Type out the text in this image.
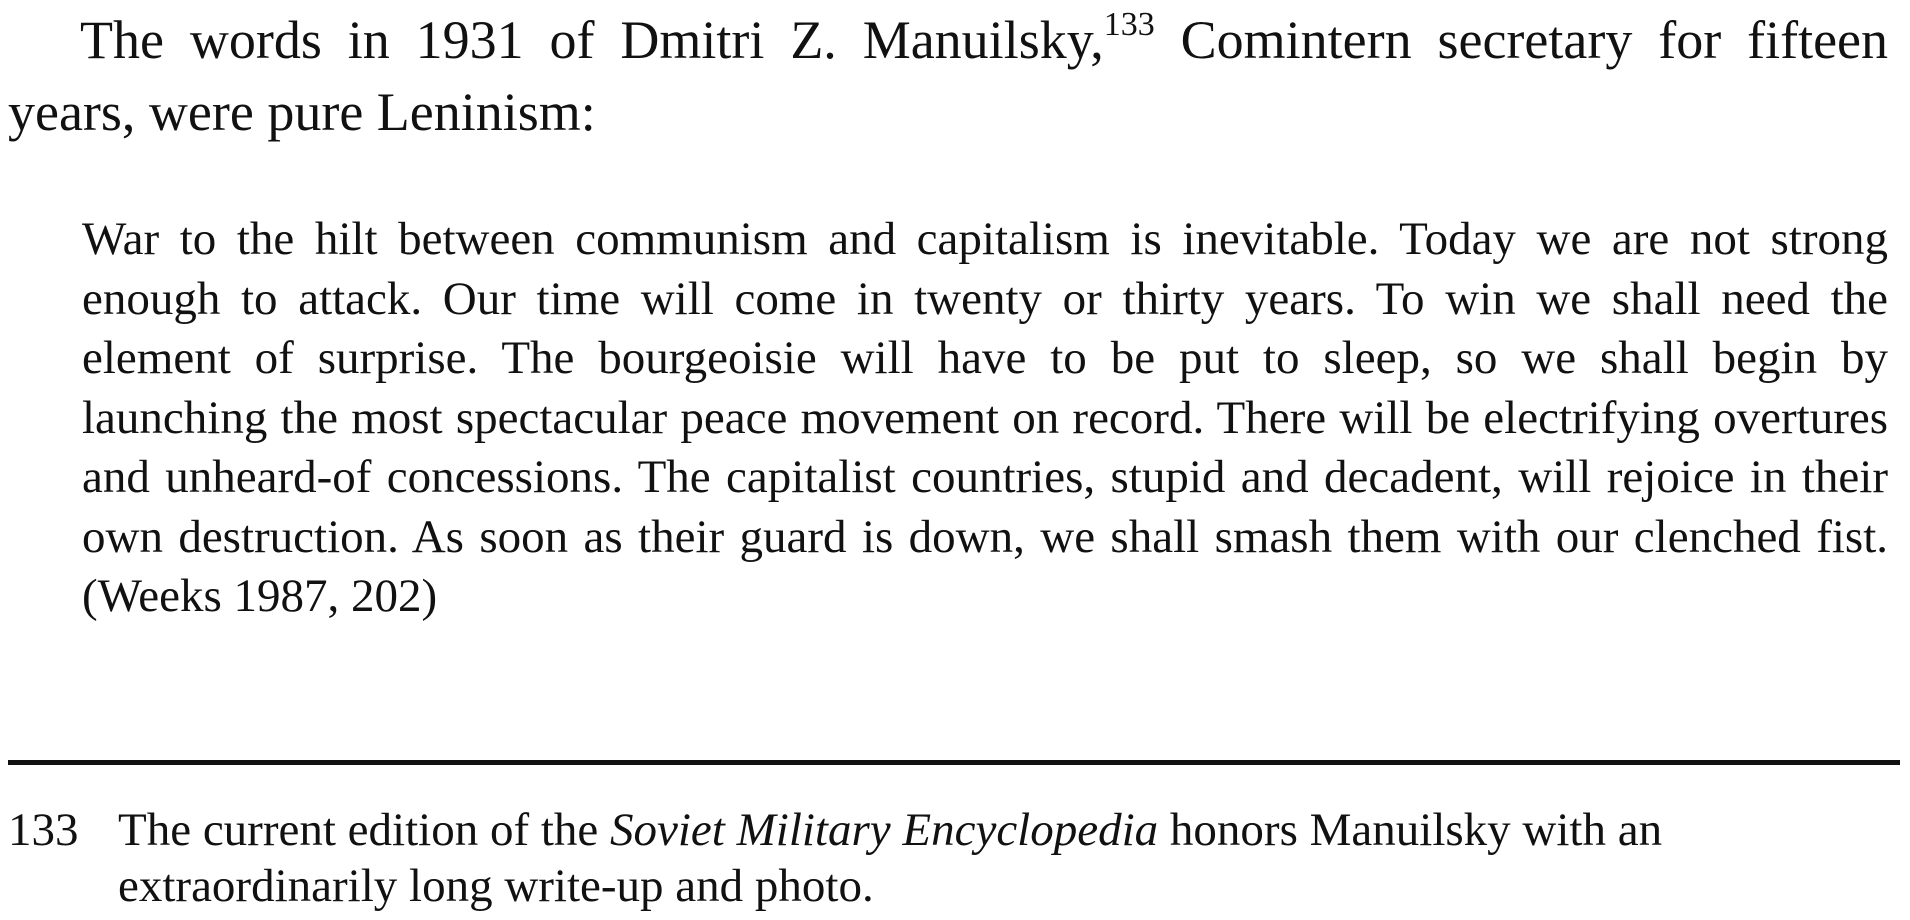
The words in 1931 of Dmitri Z. Manuilsky,$^{133}$ Comintern secretary for fifteen years, were pure Leninism:

War to the hilt between communism and capitalism is inevitable. Today we are not strong enough to attack. Our time will come in twenty or thirty years. To win we shall need the element of surprise. The bourgeoisie will have to be put to sleep, so we shall begin by launching the most spectacular peace movement on record. There will be electrifying overtures and unheard-of concessions. The capitalist countries, stupid and decadent, will rejoice in their own destruction. As soon as their guard is down, we shall smash them with our clenched fist. (Weeks 1987, 202)

133 The current edition of the Soviet Military Encyclopedia honors Manuilsky with an extraordinarily long write-up and photo.
